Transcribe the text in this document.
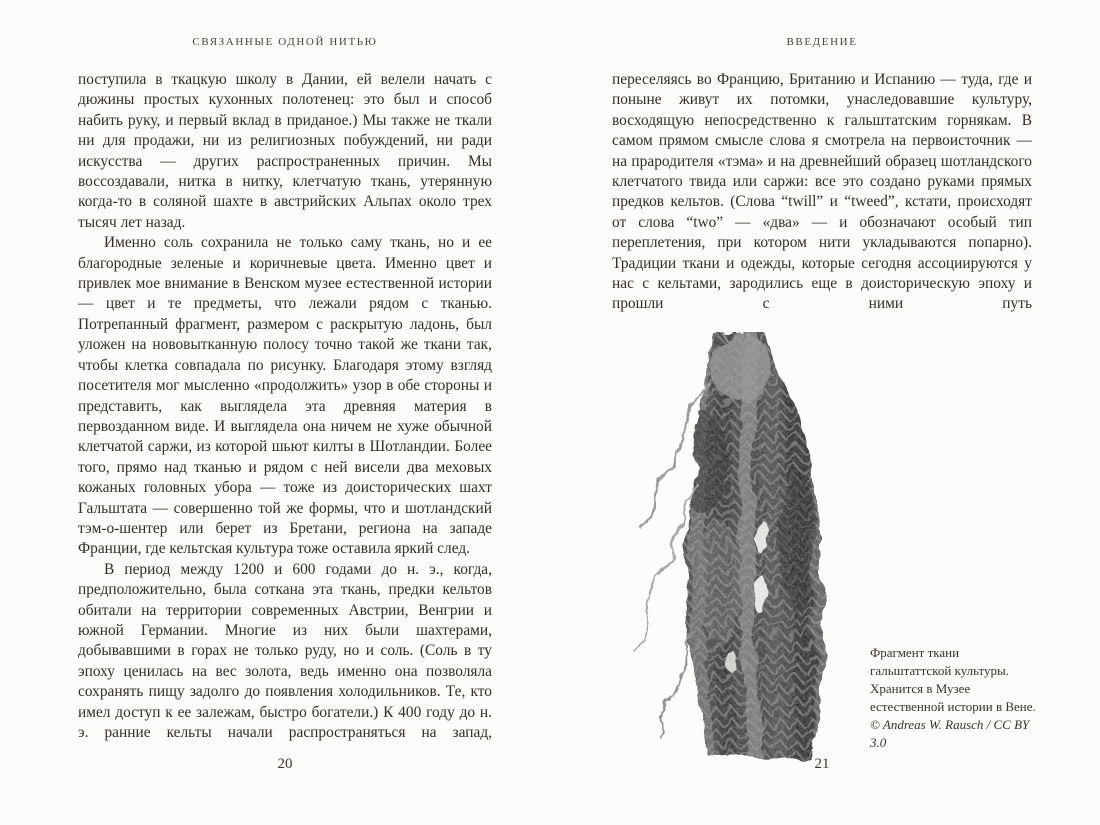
СВЯЗАННЫЕ ОДНОЙ НИТЬЮ

поступила в ткацкую школу в Дании, ей велели начать с дюжины простых кухонных полотенец: это был и способ набить руку, и первый вклад в приданое.) Мы также не ткали ни для продажи, ни из религиозных побуждений, ни ради искусства — других распространенных причин. Мы воссоздавали, нитка в нитку, клетчатую ткань, утерянную когда-то в соляной шахте в австрийских Альпах около трех тысяч лет назад.

Именно соль сохранила не только саму ткань, но и ее благородные зеленые и коричневые цвета. Именно цвет и привлек мое внимание в Венском музее естественной истории — цвет и те предметы, что лежали рядом с тканью. Потрепанный фрагмент, размером с раскрытую ладонь, был уложен на нововытканную полосу точно такой же ткани так, чтобы клетка совпадала по рисунку. Благодаря этому взгляд посетителя мог мысленно «продолжить» узор в обе стороны и представить, как выглядела эта древняя материя в первозданном виде. И выглядела она ничем не хуже обычной клетчатой саржи, из которой шьют килты в Шотландии. Более того, прямо над тканью и рядом с ней висели два меховых кожаных головных убора — тоже из доисторических шахт Гальштата — совершенно той же формы, что и шотландский тэм-о-шентер или берет из Бретани, региона на западе Франции, где кельтская культура тоже оставила яркий след.

В период между 1200 и 600 годами до н. э., когда, предположительно, была соткана эта ткань, предки кельтов обитали на территории современных Австрии, Венгрии и южной Германии. Многие из них были шахтерами, добывавшими в горах не только руду, но и соль. (Соль в ту эпоху ценилась на вес золота, ведь именно она позволяла сохранять пищу задолго до появления холодильников. Те, кто имел доступ к ее залежам, быстро богатели.) К 400 году до н. э. ранние кельты начали распространяться на запад,

20
ВВЕДЕНИЕ

переселяясь во Францию, Британию и Испанию — туда, где и поныне живут их потомки, унаследовавшие культуру, восходящую непосредственно к гальштатским горнякам. В самом прямом смысле слова я смотрела на первоисточник — на прародителя «тэма» и на древнейший образец шотландского клетчатого твида или саржи: все это создано руками прямых предков кельтов. (Слова “twill” и “tweed”, кстати, происходят от слова “two” — «два» — и обозначают особый тип переплетения, при котором нити укладываются попарно). Традиции ткани и одежды, которые сегодня ассоциируются у нас с кельтами, зародились еще в доисторическую эпоху и прошли с ними путь

Фрагмент ткани гальштаттской культуры. Хранится в Музее естественной истории в Вене.
© Andreas W. Rausch / CC BY 3.0
21
